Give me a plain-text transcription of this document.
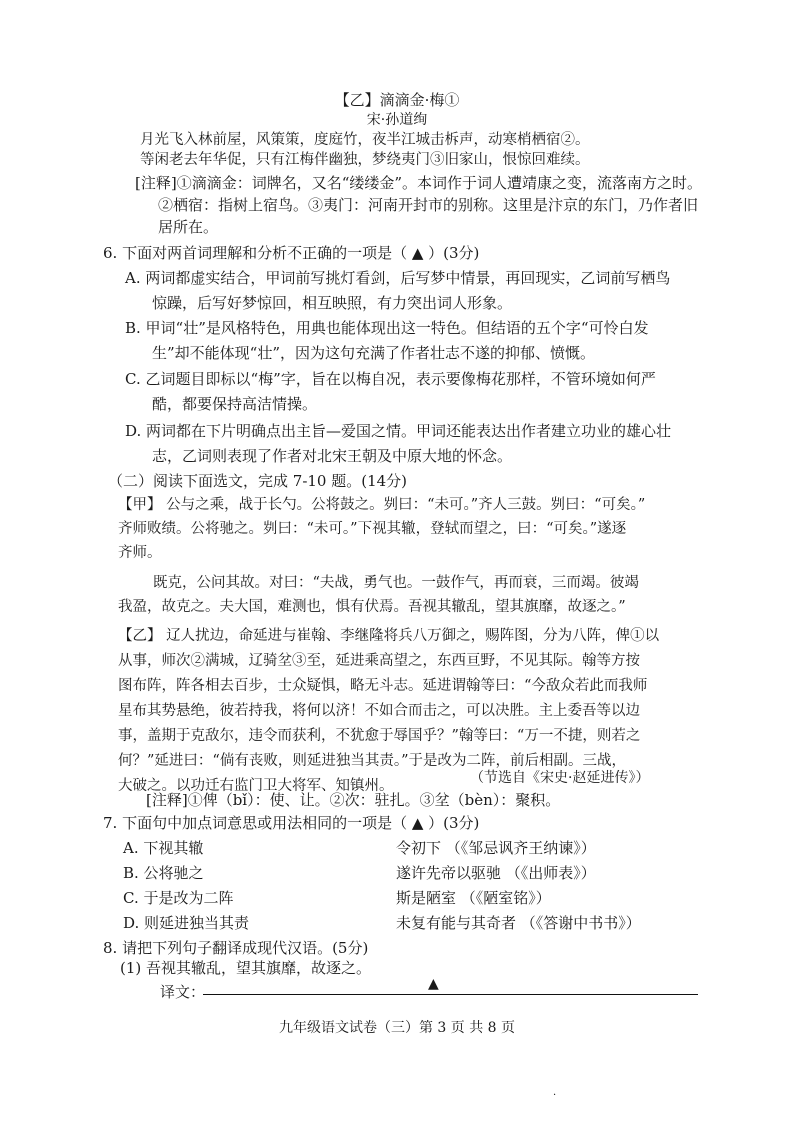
【乙】滴滴金·梅①
宋·孙道绚
月光飞入林前屋，风策策，度庭竹，夜半江城击柝声，动寒梢栖宿②。
等闲老去年华促，只有江梅伴幽独，梦绕夷门③旧家山，恨惊回难续。
[注释]①滴滴金：词牌名，又名“缕缕金”。本词作于词人遭靖康之变，流落南方之时。
②栖宿：指树上宿鸟。③夷门：河南开封市的别称。这里是汴京的东门，乃作者旧
居所在。
6. 下面对两首词理解和分析不正确的一项是（ ▲ ）(3分)
A. 两词都虚实结合，甲词前写挑灯看剑，后写梦中情景，再回现实，乙词前写栖鸟
惊躁，后写好梦惊回，相互映照，有力突出词人形象。
B. 甲词“壮”是风格特色，用典也能体现出这一特色。但结语的五个字“可怜白发
生”却不能体现“壮”，因为这句充满了作者壮志不遂的抑郁、愤慨。
C. 乙词题目即标以“梅”字，旨在以梅自况，表示要像梅花那样，不管环境如何严
酷，都要保持高洁情操。
D. 两词都在下片明确点出主旨—爱国之情。甲词还能表达出作者建立功业的雄心壮
志，乙词则表现了作者对北宋王朝及中原大地的怀念。
（二）阅读下面选文，完成 7-10 题。(14分)
【甲】 公与之乘，战于长勺。公将鼓之。刿曰：“未可。”齐人三鼓。刿曰：“可矣。”
齐师败绩。公将驰之。刿曰：“未可。”下视其辙，登轼而望之，曰：“可矣。”遂逐
齐师。
既克，公问其故。对曰：“夫战，勇气也。一鼓作气，再而衰，三而竭。彼竭
我盈，故克之。夫大国，难测也，惧有伏焉。吾视其辙乱，望其旗靡，故逐之。”
【乙】 辽人扰边，命延进与崔翰、李继隆将兵八万御之，赐阵图，分为八阵，俾①以
从事，师次②满城，辽骑坌③至，延进乘高望之，东西亘野，不见其际。翰等方按
图布阵，阵各相去百步，士众疑惧，略无斗志。延进谓翰等曰：“今敌众若此而我师
星布其势悬绝，彼若持我，将何以济！不如合而击之，可以决胜。主上委吾等以边
事，盖期于克敌尔，违令而获利，不犹愈于辱国乎？”翰等曰：“万一不捷，则若之
何？”延进曰：“倘有丧败，则延进独当其责。”于是改为二阵，前后相副。三战，
大破之。以功迁右监门卫大将军、知镇州。	（节选自《宋史·赵延进传》）
[注释]①俾（bǐ）：使、让。②次：驻扎。③坌（bèn）：聚积。
7. 下面句中加点词意思或用法相同的一项是（ ▲ ）(3分)
A. 下视其辙	令初下 （《邹忌讽齐王纳谏》）
B. 公将驰之	遂许先帝以驱驰 （《出师表》）
C. 于是改为二阵	斯是陋室 （《陋室铭》）
D. 则延进独当其责	未复有能与其奇者 （《答谢中书书》）
九年级语文试卷（三）第 3 页 共 8 页
·
(1) 吾视其辙乱，望其旗靡，故逐之。
译文：	▲
8. 请把下列句子翻译成现代汉语。(5分)
